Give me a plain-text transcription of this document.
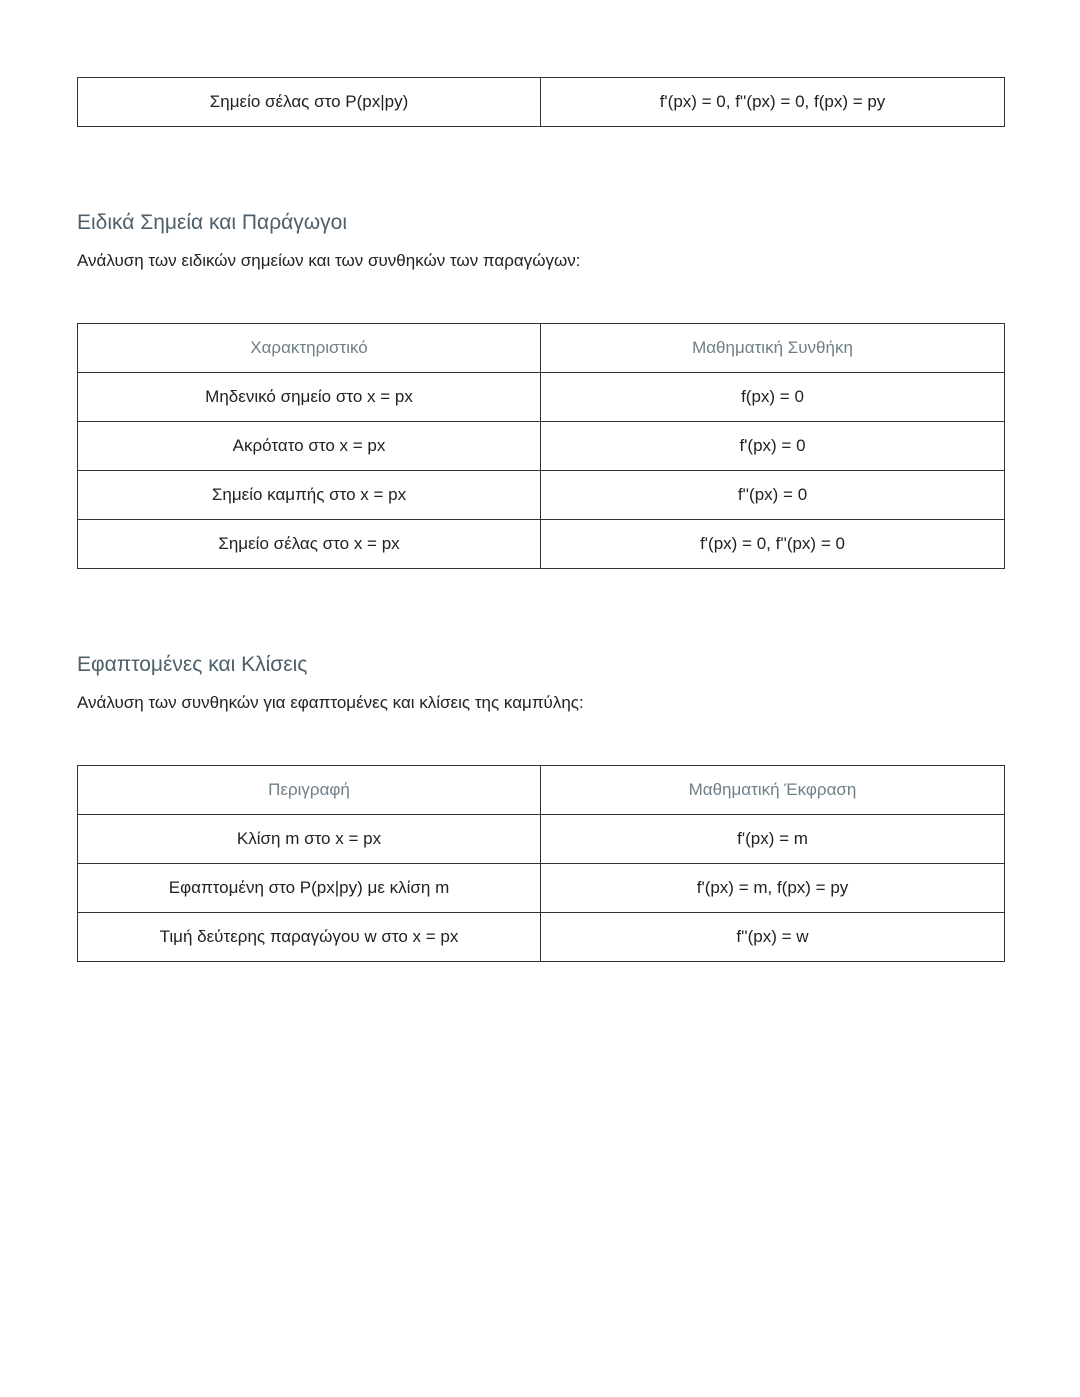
Σημείο σέλας στο P(px|py)	f'(px) = 0, f''(px) = 0, f(px) = py
Ειδικά Σημεία και Παράγωγοι

Ανάλυση των ειδικών σημείων και των συνθηκών των παραγώγων:

Χαρακτηριστικό	Μαθηματική Συνθήκη
Μηδενικό σημείο στο x = px	f(px) = 0
Ακρότατο στο x = px	f'(px) = 0
Σημείο καμπής στο x = px	f''(px) = 0
Σημείο σέλας στο x = px	f'(px) = 0, f''(px) = 0
Εφαπτομένες και Κλίσεις

Ανάλυση των συνθηκών για εφαπτομένες και κλίσεις της καμπύλης:

Περιγραφή	Μαθηματική Έκφραση
Κλίση m στο x = px	f'(px) = m
Εφαπτομένη στο P(px|py) με κλίση m	f'(px) = m, f(px) = py
Τιμή δεύτερης παραγώγου w στο x = px	f''(px) = w
